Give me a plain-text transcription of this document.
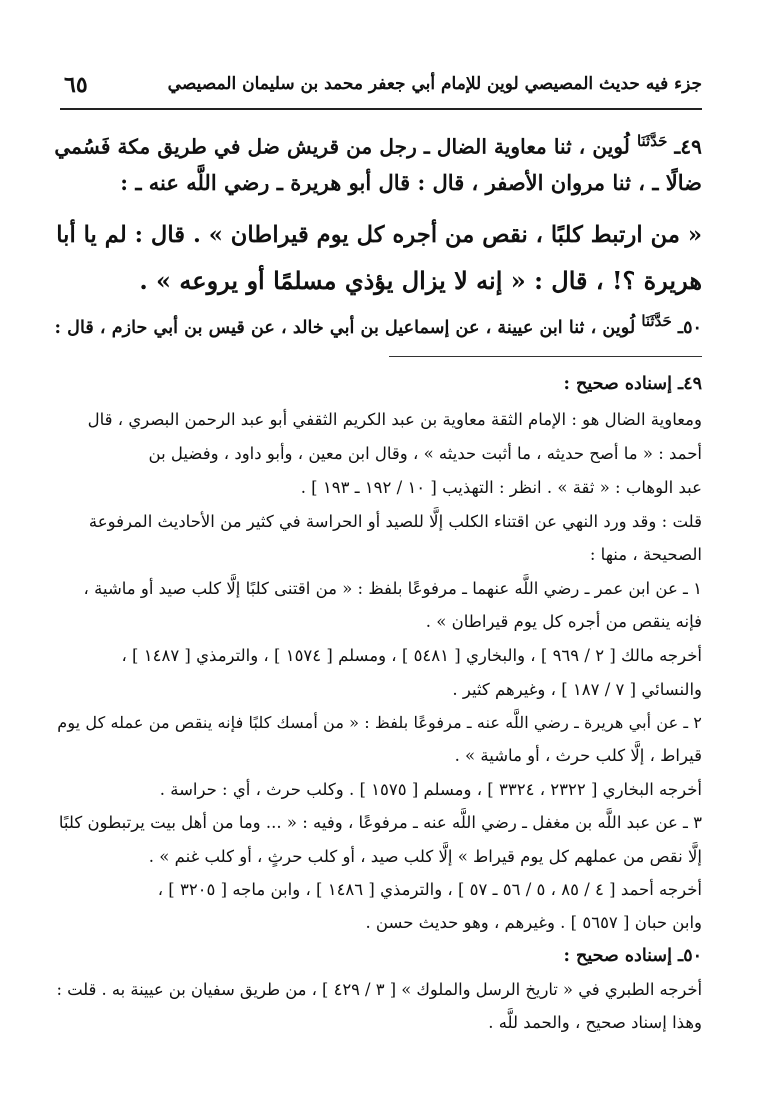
جزء فيه حديث المصيصي لوين للإمام أبي جعفر محمد بن سليمان المصيصي
٦٥
٤٩ـ $^{حَدَّثَنَا}$ لُوين ، ثنا معاوية الضال ـ رجل من قريش ضل في طريق مكة فَسُمي
ضالًا ـ ، ثنا مروان الأصفر ، قال : قال أبو هريرة ـ رضي اللَّه عنه ـ :
« من ارتبط كلبًا ، نقص من أجره كل يوم قيراطان » . قال : لم يا أبا
هريرة ؟! ، قال : « إنه لا يزال يؤذي مسلمًا أو يروعه » .
٥٠ـ حَدَّثَنَا لُوين ، ثنا ابن عيينة ، عن إسماعيل بن أبي خالد ، عن قيس بن أبي حازم ، قال :
٤٩ـ إسناده صحيح :
ومعاوية الضال هو : الإمام الثقة معاوية بن عبد الكريم الثقفي أبو عبد الرحمن البصري ، قال
أحمد : « ما أصح حديثه ، ما أثبت حديثه » ، وقال ابن معين ، وأبو داود ، وفضيل بن
عبد الوهاب : « ثقة » . انظر : التهذيب [ ١٠ / ١٩٢ ـ ١٩٣ ] .
قلت : وقد ورد النهي عن اقتناء الكلب إلَّا للصيد أو الحراسة في كثير من الأحاديث المرفوعة
الصحيحة ، منها :
١ ـ عن ابن عمر ـ رضي اللَّه عنهما ـ مرفوعًا بلفظ : « من اقتنى كلبًا إلَّا كلب صيد أو ماشية ،
فإنه ينقص من أجره كل يوم قيراطان » .
أخرجه مالك [ ٢ / ٩٦٩ ] ، والبخاري [ ٥٤٨١ ] ، ومسلم [ ١٥٧٤ ] ، والترمذي [ ١٤٨٧ ] ،
والنسائي [ ٧ / ١٨٧ ] ، وغيرهم كثير .
٢ ـ عن أبي هريرة ـ رضي اللَّه عنه ـ مرفوعًا بلفظ : « من أمسك كلبًا فإنه ينقص من عمله كل يوم
قيراط ، إلَّا كلب حرث ، أو ماشية » .
أخرجه البخاري [ ٢٣٢٢ ، ٣٣٢٤ ] ، ومسلم [ ١٥٧٥ ] . وكلب حرث ، أي : حراسة .
٣ ـ عن عبد اللَّه بن مغفل ـ رضي اللَّه عنه ـ مرفوعًا ، وفيه : « ... وما من أهل بيت يرتبطون كلبًا
إلَّا نقص من عملهم كل يوم قيراط » إلَّا كلب صيد ، أو كلب حرثٍ ، أو كلب غنم » .
أخرجه أحمد [ ٤ / ٨٥ ، ٥ / ٥٦ ـ ٥٧ ] ، والترمذي [ ١٤٨٦ ] ، وابن ماجه [ ٣٢٠٥ ] ،
وابن حبان [ ٥٦٥٧ ] . وغيرهم ، وهو حديث حسن .
٥٠ـ إسناده صحيح :
أخرجه الطبري في « تاريخ الرسل والملوك » [ ٣ / ٤٢٩ ] ، من طريق سفيان بن عيينة به . قلت :
وهذا إسناد صحيح ، والحمد للَّه .
